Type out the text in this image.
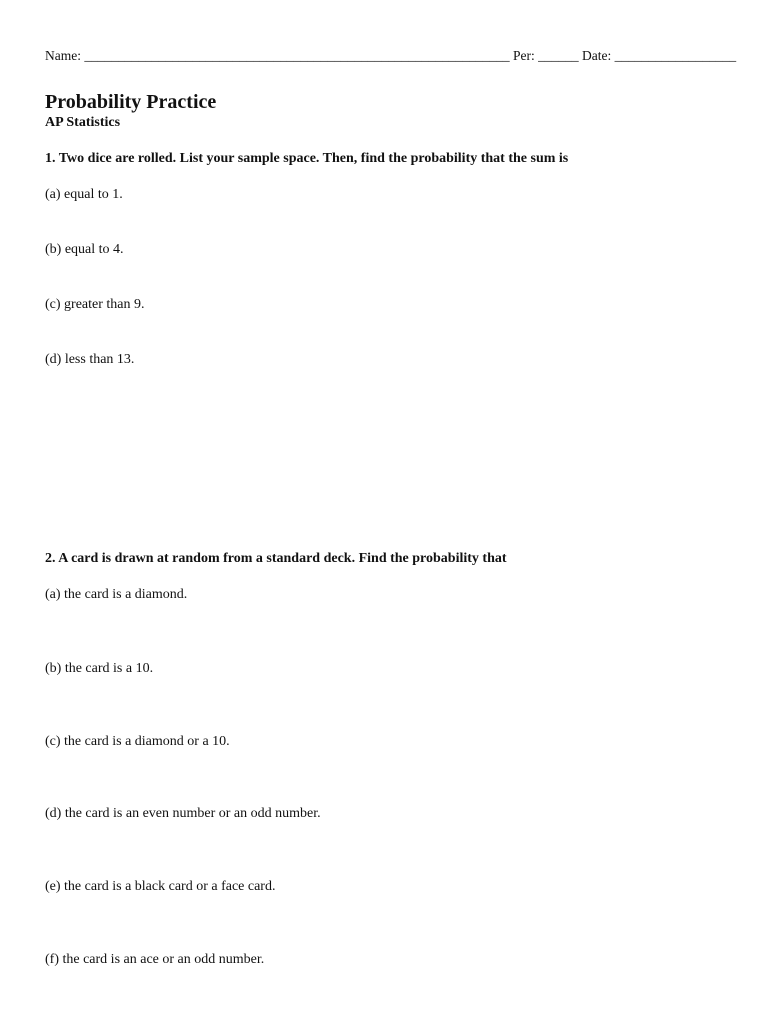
Name: _______________________________________________________________ Per: ______ Date: __________________
Probability Practice
AP Statistics
1. Two dice are rolled. List your sample space. Then, find the probability that the sum is
(a) equal to 1.
(b) equal to 4.
(c) greater than 9.
(d) less than 13.
2. A card is drawn at random from a standard deck. Find the probability that
(a) the card is a diamond.
(b) the card is a 10.
(c) the card is a diamond or a 10.
(d) the card is an even number or an odd number.
(e) the card is a black card or a face card.
(f) the card is an ace or an odd number.
